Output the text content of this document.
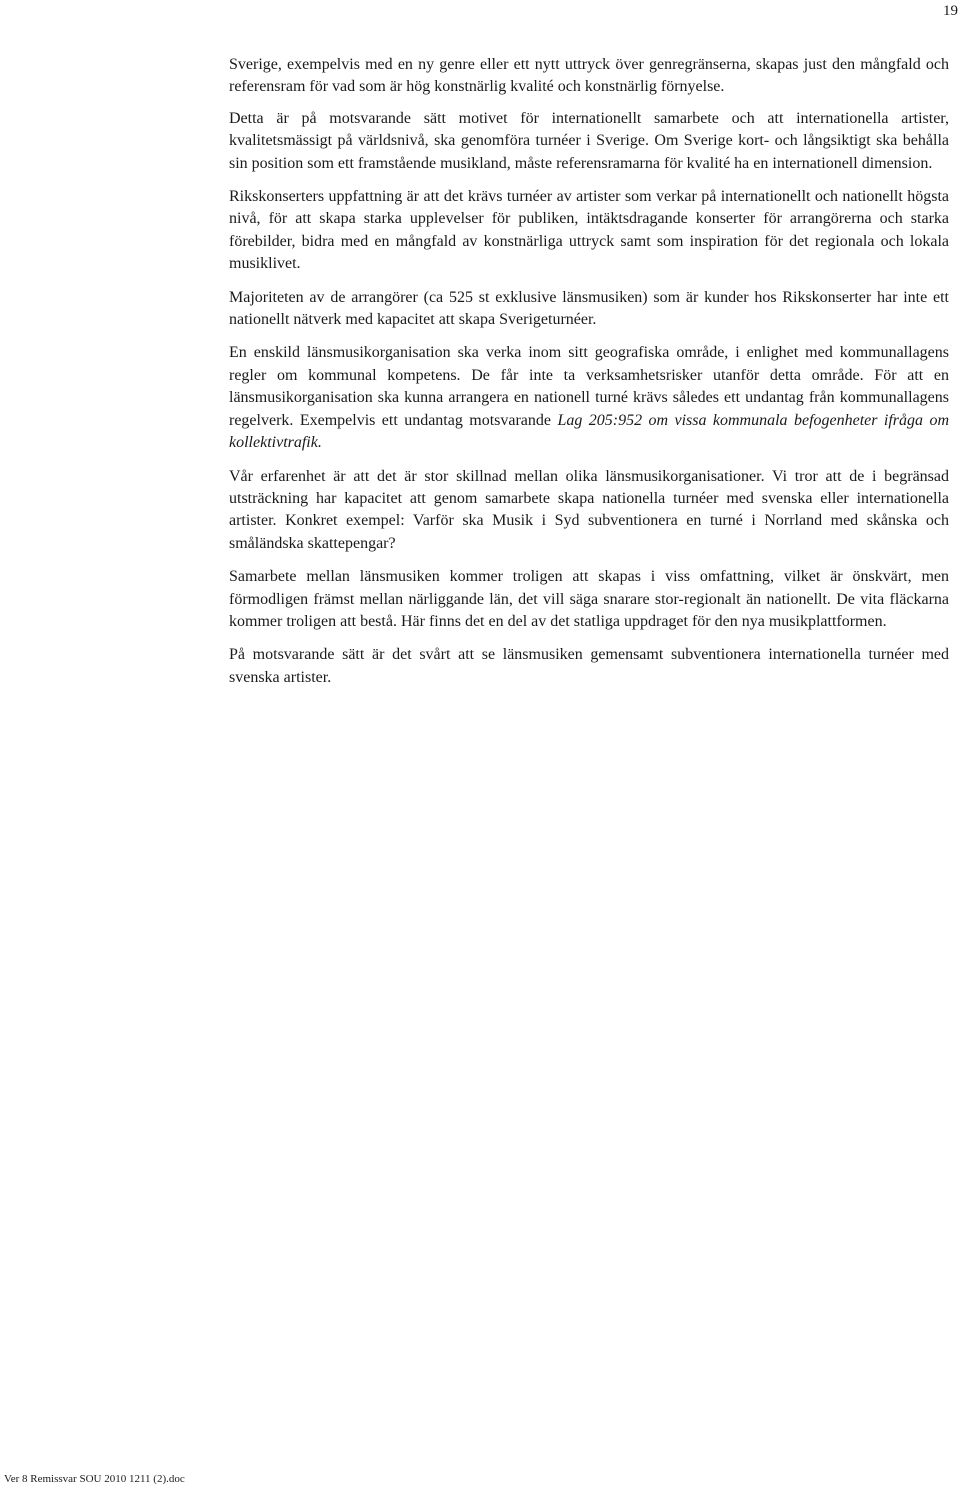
19

Sverige, exempelvis med en ny genre eller ett nytt uttryck över genregränserna, skapas just den mångfald och referensram för vad som är hög konstnärlig kvalité och konstnärlig förnyelse.

Detta är på motsvarande sätt motivet för internationellt samarbete och att internationella artister, kvalitetsmässigt på världsnivå, ska genomföra turnéer i Sverige. Om Sverige kort- och långsiktigt ska behålla sin position som ett framstående musikland, måste referensramarna för kvalité ha en internationell dimension.

Rikskonserters uppfattning är att det krävs turnéer av artister som verkar på internationellt och nationellt högsta nivå, för att skapa starka upplevelser för publiken, intäktsdragande konserter för arrangörerna och starka förebilder, bidra med en mångfald av konstnärliga uttryck samt som inspiration för det regionala och lokala musiklivet.

Majoriteten av de arrangörer (ca 525 st exklusive länsmusiken) som är kunder hos Rikskonserter har inte ett nationellt nätverk med kapacitet att skapa Sverigeturnéer.

En enskild länsmusikorganisation ska verka inom sitt geografiska område, i enlighet med kommunallagens regler om kommunal kompetens. De får inte ta verksamhetsrisker utanför detta område. För att en länsmusikorganisation ska kunna arrangera en nationell turné krävs således ett undantag från kommunallagens regelverk. Exempelvis ett undantag motsvarande Lag 205:952 om vissa kommunala befogenheter ifråga om kollektivtrafik.

Vår erfarenhet är att det är stor skillnad mellan olika länsmusikorganisationer. Vi tror att de i begränsad utsträckning har kapacitet att genom samarbete skapa nationella turnéer med svenska eller internationella artister. Konkret exempel: Varför ska Musik i Syd subventionera en turné i Norrland med skånska och småländska skattepengar?

Samarbete mellan länsmusiken kommer troligen att skapas i viss omfattning, vilket är önskvärt, men förmodligen främst mellan närliggande län, det vill säga snarare stor-regionalt än nationellt. De vita fläckarna kommer troligen att bestå. Här finns det en del av det statliga uppdraget för den nya musikplattformen.

På motsvarande sätt är det svårt att se länsmusiken gemensamt subventionera internationella turnéer med svenska artister.

Ver 8 Remissvar SOU 2010 1211 (2).doc
